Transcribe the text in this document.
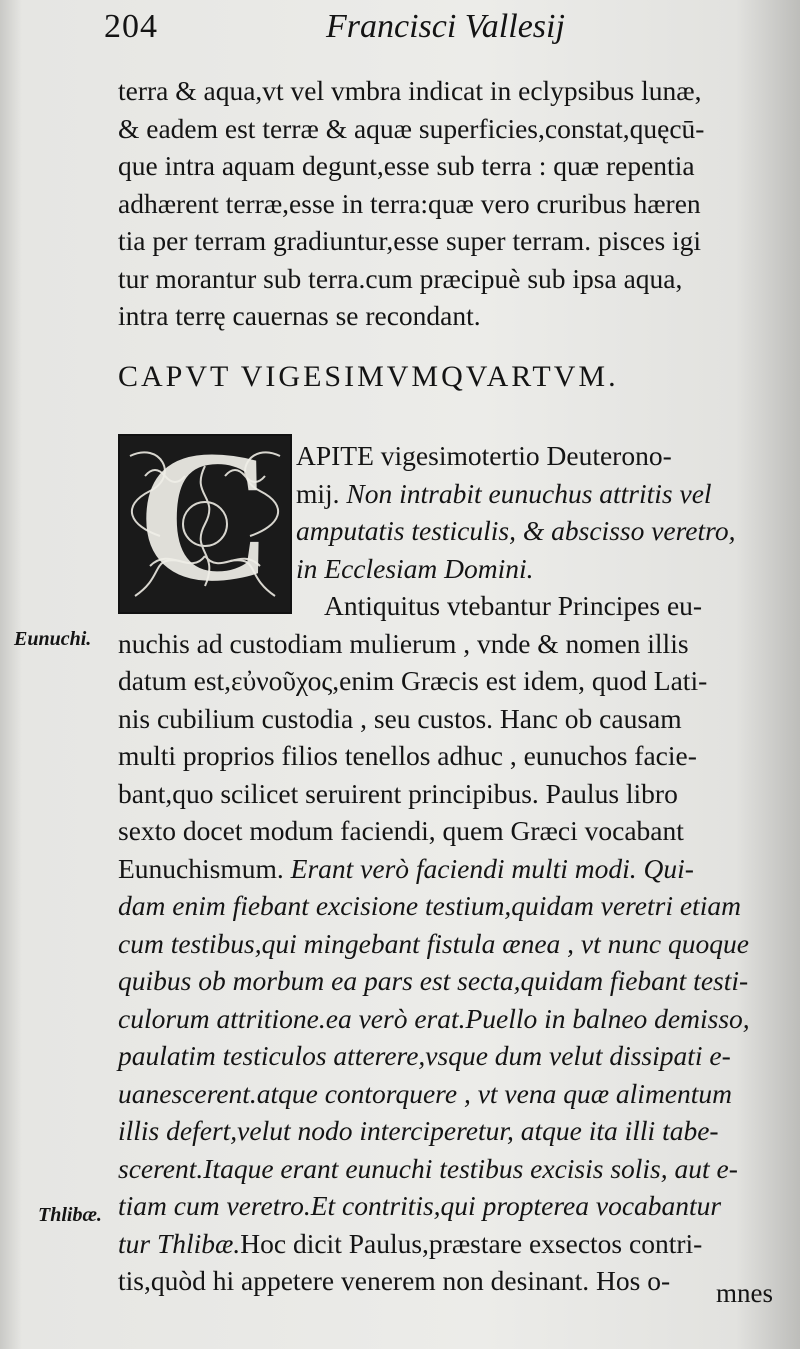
204	Francisci Vallesij
terra & aqua,vt vel vmbra indicat in eclypsibus lunæ,
& eadem est terræ & aquæ superficies,constat,quęcū-
que intra aquam degunt,esse sub terra : quæ repentia
adhærent terræ,esse in terra:quæ vero cruribus hæren
tia per terram gradiuntur,esse super terram. pisces igi
tur morantur sub terra.cum præcipuè sub ipsa aqua,
intra terrę cauernas se recondant.
CAPVT VIGESIMVMQVARTVM.
C APITE vigesimotertio Deuterono-
mij. Non intrabit eunuchus attritis vel
amputatis testiculis, & abscisso veretro,
in Ecclesiam Domini.
Antiquitus vtebantur Principes eu-
nuchis ad custodiam mulierum , vnde & nomen illis
datum est,εὐνοῦχος,enim Græcis est idem, quod Lati-
nis cubilium custodia , seu custos. Hanc ob causam
multi proprios filios tenellos adhuc , eunuchos facie-
bant,quo scilicet seruirent principibus. Paulus libro
sexto docet modum faciendi, quem Græci vocabant
Eunuchismum. Erant verò faciendi multi modi. Qui-
dam enim fiebant excisione testium,quidam veretri etiam
cum testibus,qui mingebant fistula ænea , vt nunc quoque
quibus ob morbum ea pars est secta,quidam fiebant testi-
culorum attritione.ea verò erat.Puello in balneo demisso,
paulatim testiculos atterere,vsque dum velut dissipati e-
uanescerent.atque contorquere , vt vena quæ alimentum
illis defert,velut nodo interciperetur, atque ita illi tabe-
scerent.Itaque erant eunuchi testibus excisis solis, aut e-
tiam cum veretro.Et contritis,qui propterea vocabantur
tur Thlibæ.Hoc dicit Paulus,præstare exsectos contri-
tis,quòd hi appetere venerem non desinant. Hos o-
Eunuchi.
Thlibæ.
mnes
